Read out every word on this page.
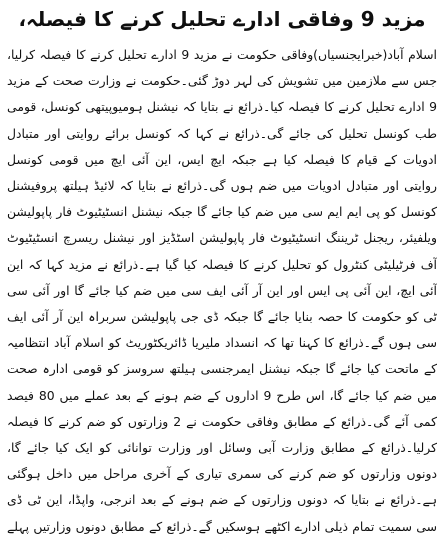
مزید 9 وفاقی ادارے تحلیل کرنے کا فیصلہ،

اسلام آباد(خبرایجنسیاں)وفاقی حکومت نے مزید 9 ادارے تحلیل کرنے کا فیصلہ کرلیا، جس سے ملازمین میں تشویش کی لہر دوڑ گئی۔حکومت نے وزارت صحت کے مزید 9 ادارے تحلیل کرنے کا فیصلہ کیا۔ذرائع نے بتایا کہ نیشنل ہومیوپیتھی کونسل، قومی طب کونسل تحلیل کی جائے گی۔ذرائع نے کہا کہ کونسل برائے روایتی اور متبادل ادویات کے قیام کا فیصلہ کیا ہے جبکہ ایچ ایس، این آئی ایچ میں قومی کونسل روایتی اور متبادل ادویات میں ضم ہوں گی۔ذرائع نے بتایا کہ لائیڈ ہیلتھ پروفیشنل کونسل کو پی ایم ایم سی میں ضم کیا جائے گا جبکہ نیشنل انسٹیٹیوٹ فار پاپولیشن ویلفیئر، ریجنل ٹریننگ انسٹیٹیوٹ فار پاپولیشن اسٹڈیز اور نیشنل ریسرچ انسٹیٹیوٹ آف فرٹیلیٹی کنٹرول کو تحلیل کرنے کا فیصلہ کیا گیا ہے۔ذرائع نے مزید کہا کہ این آئی ایچ، این آئی پی ایس اور این آر آئی ایف سی میں ضم کیا جائے گا اور آئی سی ٹی کو حکومت کا حصہ بنایا جائے گا جبکہ ڈی جی پاپولیشن سربراہ این آر آئی ایف سی ہوں گے۔ذرائع کا کہنا تھا کہ انسداد ملیریا ڈائریکٹوریٹ کو اسلام آباد انتظامیہ کے ماتحت کیا جائے گا جبکہ نیشنل ایمرجنسی ہیلتھ سروسز کو قومی ادارہ صحت میں ضم کیا جائے گا، اس طرح 9 اداروں کے ضم ہونے کے بعد عملے میں 80 فیصد کمی آئے گی۔ذرائع کے مطابق وفاقی حکومت نے 2 وزارتوں کو ضم کرنے کا فیصلہ کرلیا۔ذرائع کے مطابق وزارت آبی وسائل اور وزارت توانائی کو ایک کیا جائے گا، دونوں وزارتوں کو ضم کرنے کی سمری تیاری کے آخری مراحل میں داخل ہوگئی ہے۔ذرائع نے بتایا کہ دونوں وزارتوں کے ضم ہونے کے بعد انرجی، واپڈا، این ٹی ڈی سی سمیت تمام ذیلی ادارے اکٹھے ہوسکیں گے۔ذرائع کے مطابق دونوں وزارتیں پہلے
